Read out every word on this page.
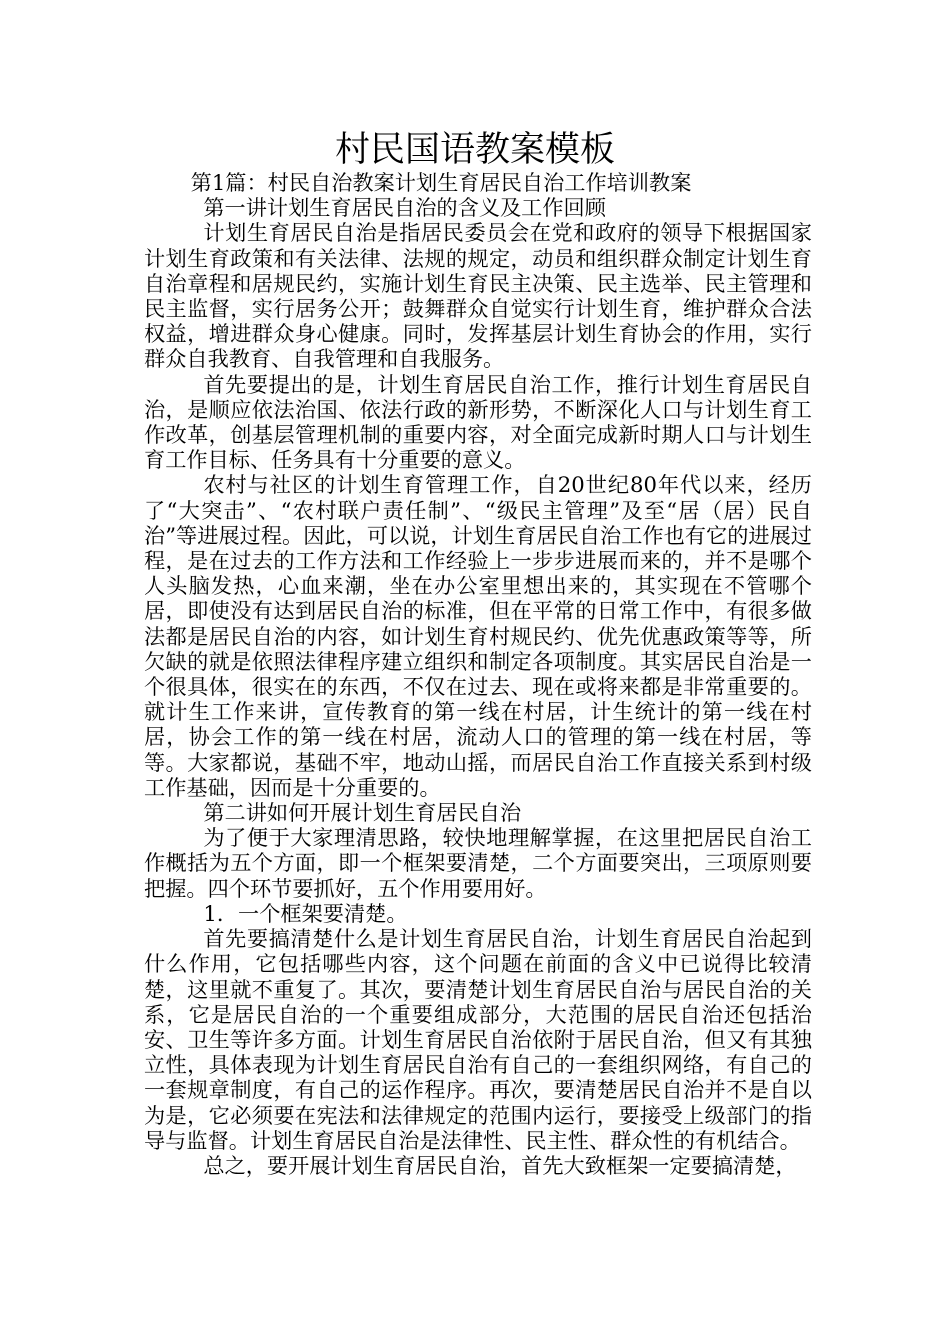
村民国语教案模板

第1篇：村民自治教案计划生育居民自治工作培训教案

第一讲计划生育居民自治的含义及工作回顾

计划生育居民自治是指居民委员会在党和政府的领导下根据国家计划生育政策和有关法律、法规的规定，动员和组织群众制定计划生育自治章程和居规民约，实施计划生育民主决策、民主选举、民主管理和民主监督，实行居务公开；鼓舞群众自觉实行计划生育，维护群众合法权益，增进群众身心健康。同时，发挥基层计划生育协会的作用，实行群众自我教育、自我管理和自我服务。

首先要提出的是，计划生育居民自治工作，推行计划生育居民自治，是顺应依法治国、依法行政的新形势，不断深化人口与计划生育工作改革，创基层管理机制的重要内容，对全面完成新时期人口与计划生育工作目标、任务具有十分重要的意义。

农村与社区的计划生育管理工作，自20世纪80年代以来，经历了“大突击”、“农村联户责任制”、“级民主管理”及至“居（居）民自治”等进展过程。因此，可以说，计划生育居民自治工作也有它的进展过程，是在过去的工作方法和工作经验上一步步进展而来的，并不是哪个人头脑发热，心血来潮，坐在办公室里想出来的，其实现在不管哪个居，即使没有达到居民自治的标准，但在平常的日常工作中，有很多做法都是居民自治的内容，如计划生育村规民约、优先优惠政策等等，所欠缺的就是依照法律程序建立组织和制定各项制度。其实居民自治是一个很具体，很实在的东西，不仅在过去、现在或将来都是非常重要的。就计生工作来讲，宣传教育的第一线在村居，计生统计的第一线在村居，协会工作的第一线在村居，流动人口的管理的第一线在村居，等等。大家都说，基础不牢，地动山摇，而居民自治工作直接关系到村级工作基础，因而是十分重要的。

第二讲如何开展计划生育居民自治

为了便于大家理清思路，较快地理解掌握，在这里把居民自治工作概括为五个方面，即一个框架要清楚，二个方面要突出，三项原则要把握。四个环节要抓好，五个作用要用好。

1．一个框架要清楚。

首先要搞清楚什么是计划生育居民自治，计划生育居民自治起到什么作用，它包括哪些内容，这个问题在前面的含义中已说得比较清楚，这里就不重复了。其次，要清楚计划生育居民自治与居民自治的关系，它是居民自治的一个重要组成部分，大范围的居民自治还包括治安、卫生等许多方面。计划生育居民自治依附于居民自治，但又有其独立性，具体表现为计划生育居民自治有自己的一套组织网络，有自己的一套规章制度，有自己的运作程序。再次，要清楚居民自治并不是自以为是，它必须要在宪法和法律规定的范围内运行，要接受上级部门的指导与监督。计划生育居民自治是法律性、民主性、群众性的有机结合。

总之，要开展计划生育居民自治，首先大致框架一定要搞清楚，
